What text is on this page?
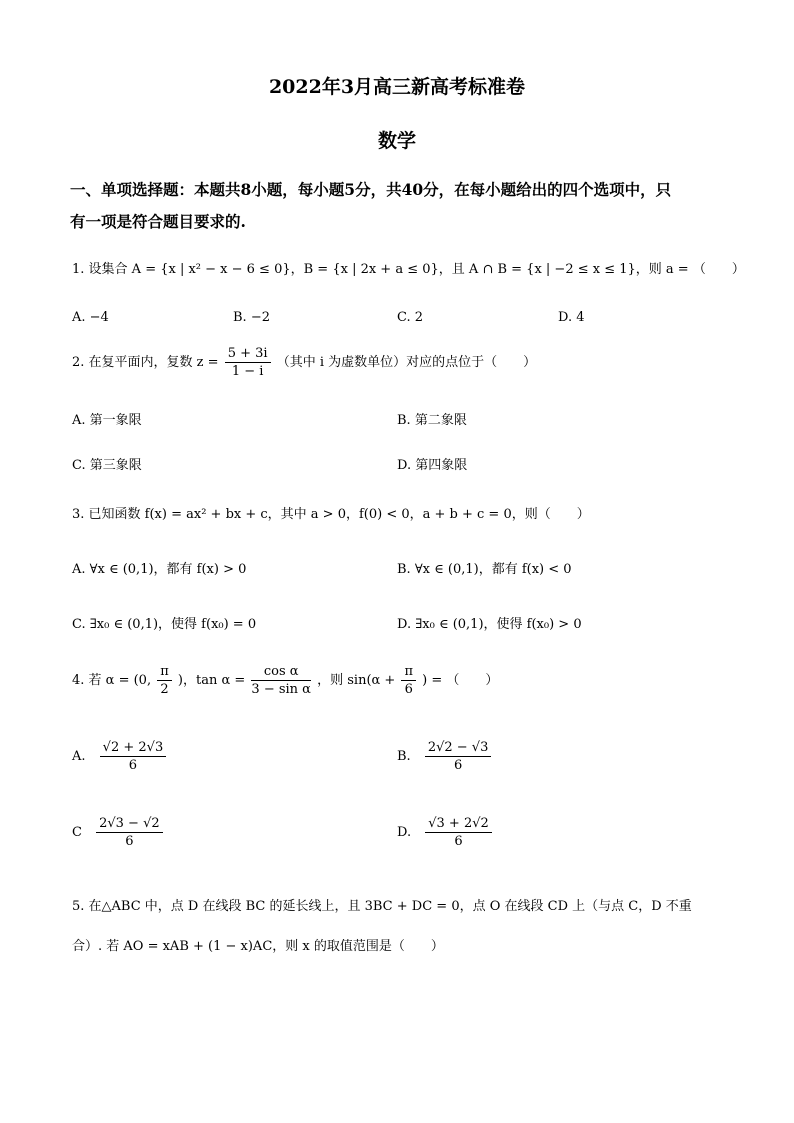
2022年3月高三新高考标准卷
数学
一、单项选择题：本题共8小题，每小题5分，共40分，在每小题给出的四个选项中，只
有一项是符合题目要求的.
1. 设集合 A = {x | x² − x − 6 ≤ 0}，B = {x | 2x + a ≤ 0}，且 A ∩ B = {x | −2 ≤ x ≤ 1}，则 a = （　　）
A. −4	B. −2	C. 2	D. 4
2. 在复平面内，复数 $z = \frac{5 + 3i}{1 - i}$ （其中 i 为虚数单位）对应的点位于（　　）
A. 第一象限	B. 第二象限
C. 第三象限	D. 第四象限
3. 已知函数 f(x) = ax² + bx + c，其中 a > 0，f(0) < 0，a + b + c = 0，则（　　）
A. ∀x ∈ (0,1)，都有 f(x) > 0	B. ∀x ∈ (0,1)，都有 f(x) < 0
C. ∃x₀ ∈ (0,1)，使得 f(x₀) = 0	D. ∃x₀ ∈ (0,1)，使得 f(x₀) > 0
4. 若 α = (0, $\frac{\pi}{2}$ )，$\tan \alpha = \frac{\text{cos α}}{\text{3 − sin α}}$ ，则 $\sin(\alpha + \frac{\pi}{6}$ ) = （　　）
A. $\frac{√2 + 2√3}{6}$	B. $\frac{2√2 - √3}{6}$
C $\frac{2√3 - √2}{6}$	D. $\frac{√3 + 2√2}{6}$
5. 在△ABC 中，点 D 在线段 BC 的延长线上，且 3BC + DC = 0，点 O 在线段 CD 上（与点 C，D 不重
合）. 若 AO = xAB + (1 − x)AC，则 x 的取值范围是（　　）
